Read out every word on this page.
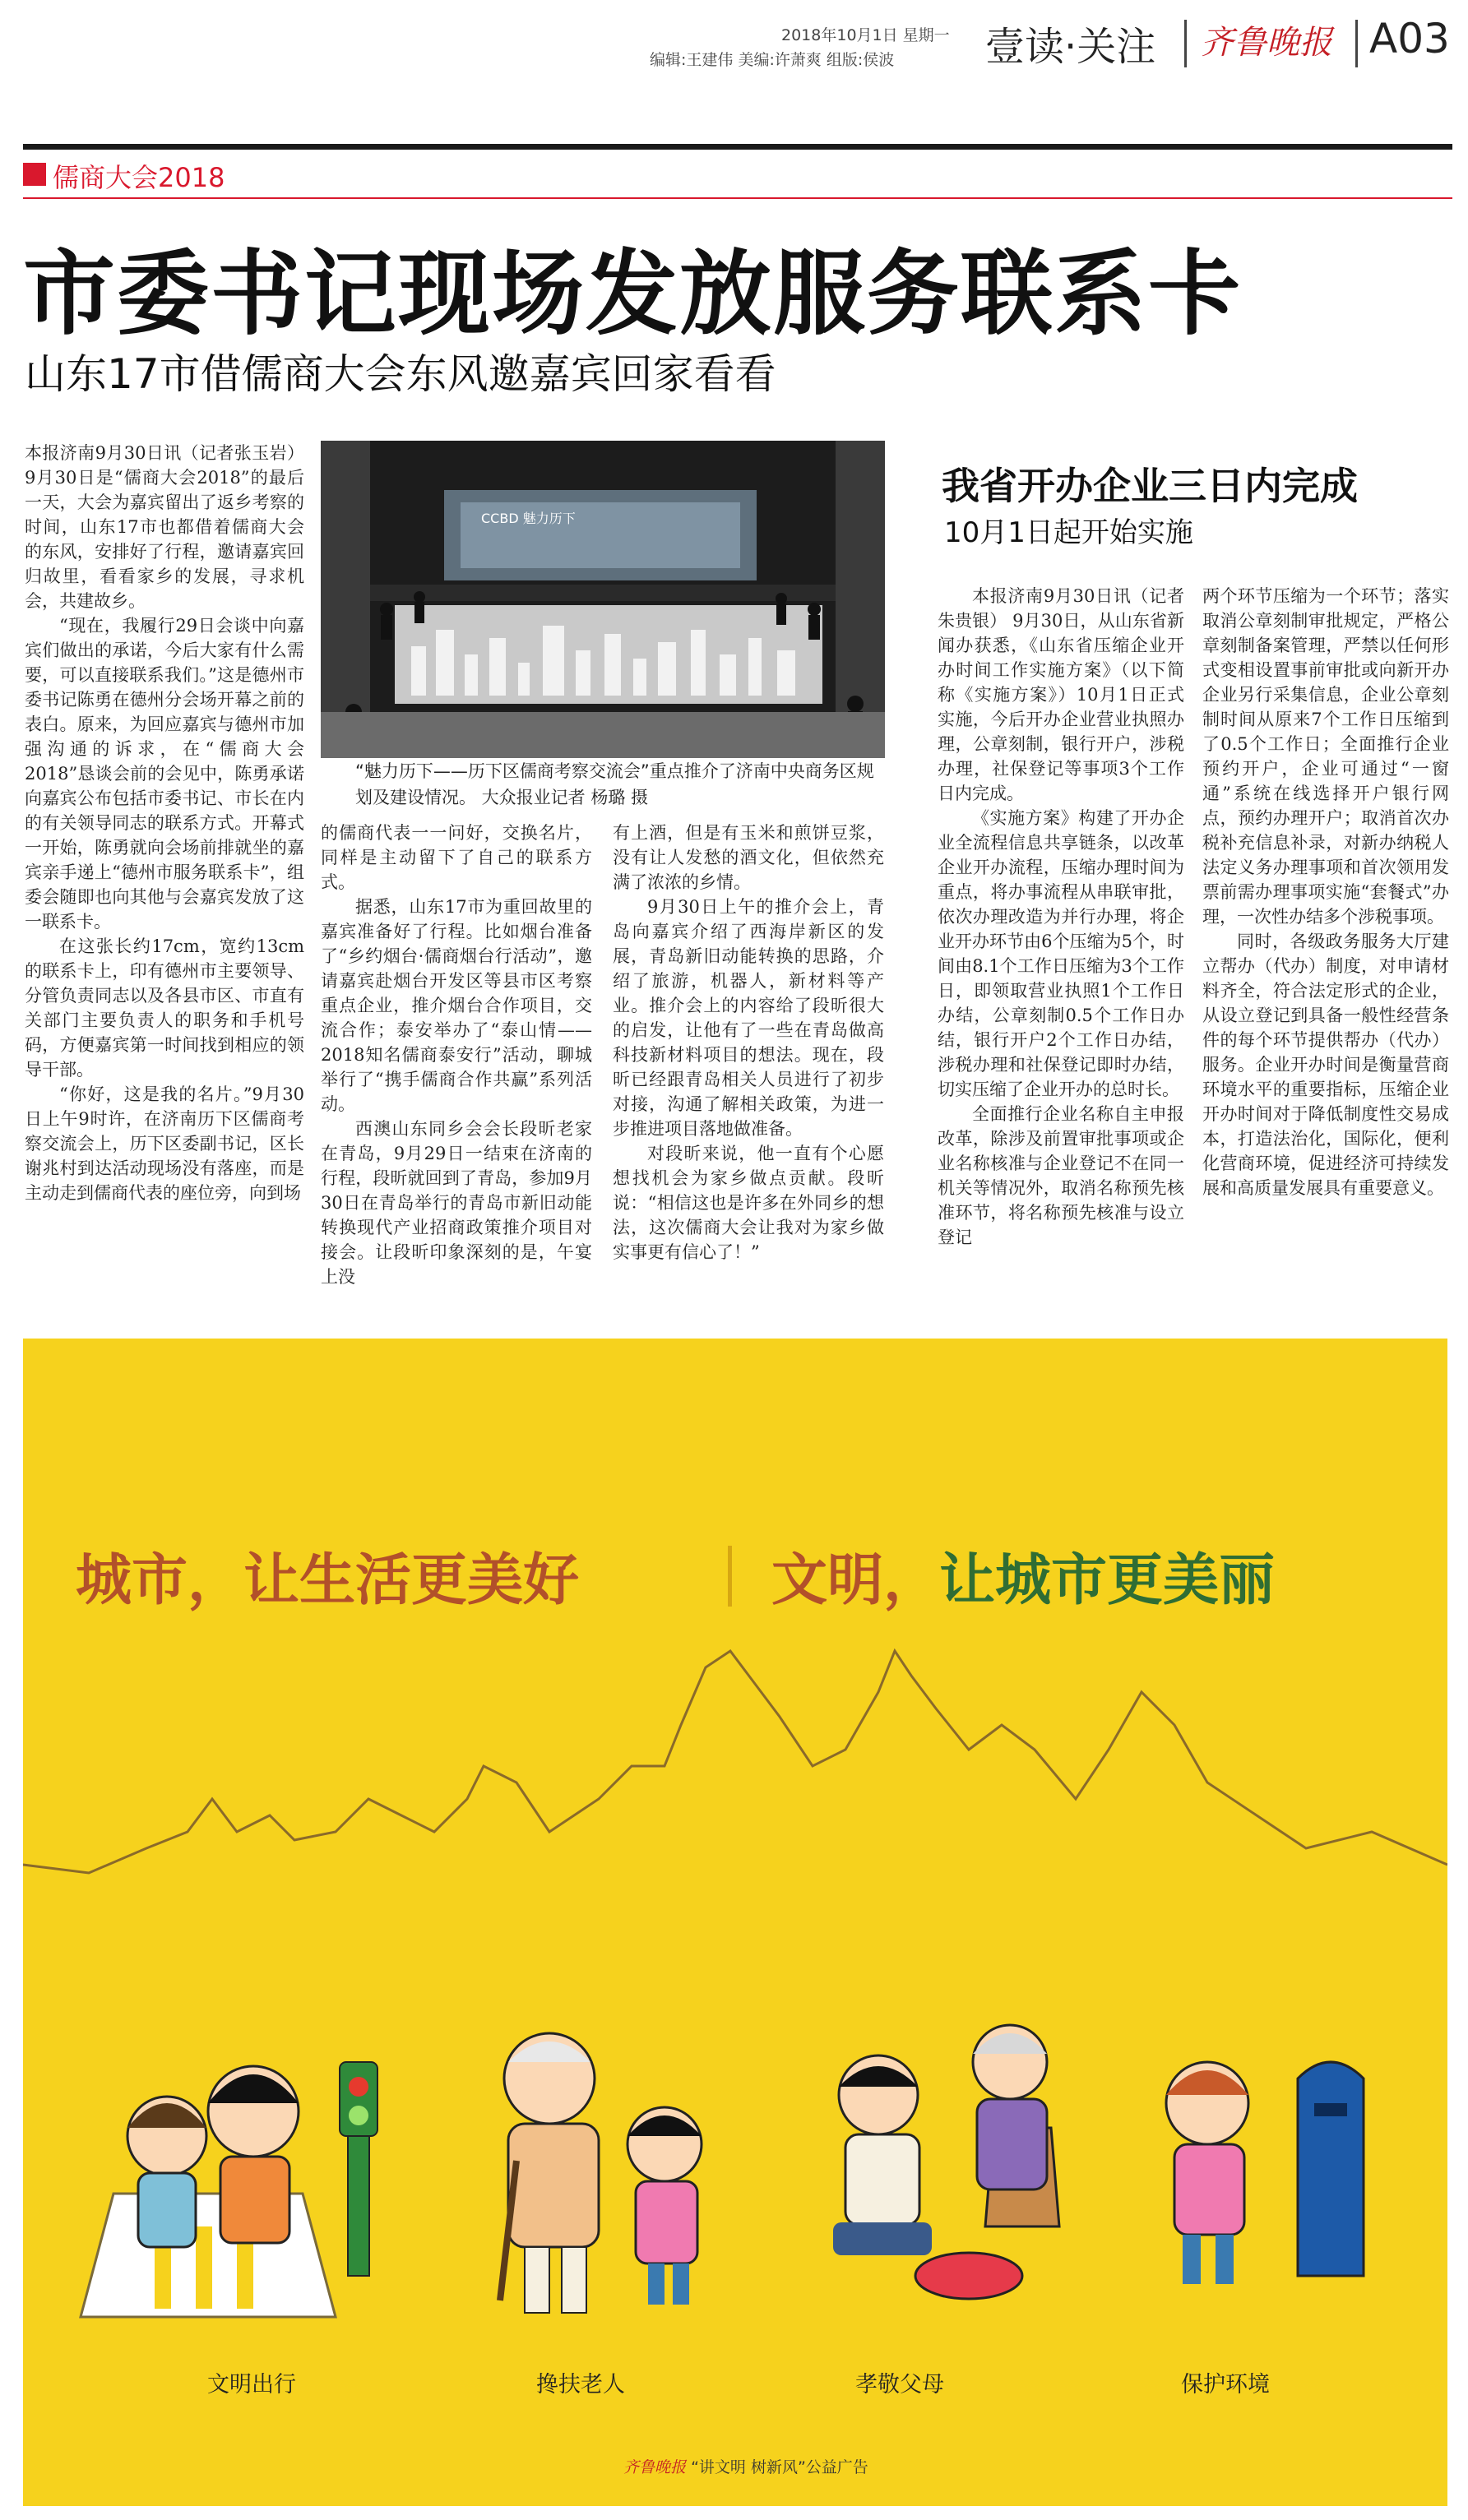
2018年10月1日 星期一
编辑:王建伟 美编:许萧爽 组版:侯波 壹读·关注 齐鲁晚报 A03
儒商大会2018
市委书记现场发放服务联系卡
山东17市借儒商大会东风邀嘉宾回家看看

本报济南9月30日讯（记者张玉岩） 9月30日是“儒商大会2018”的最后一天，大会为嘉宾留出了返乡考察的时间，山东17市也都借着儒商大会的东风，安排好了行程，邀请嘉宾回归故里，看看家乡的发展，寻求机会，共建故乡。

“现在，我履行29日会谈中向嘉宾们做出的承诺，今后大家有什么需要，可以直接联系我们。”这是德州市委书记陈勇在德州分会场开幕之前的表白。原来，为回应嘉宾与德州市加强沟通的诉求，在“儒商大会2018”恳谈会前的会见中，陈勇承诺向嘉宾公布包括市委书记、市长在内的有关领导同志的联系方式。开幕式一开始，陈勇就向会场前排就坐的嘉宾亲手递上“德州市服务联系卡”，组委会随即也向其他与会嘉宾发放了这一联系卡。

在这张长约17cm，宽约13cm的联系卡上，印有德州市主要领导、分管负责同志以及各县市区、市直有关部门主要负责人的职务和手机号码，方便嘉宾第一时间找到相应的领导干部。

“你好，这是我的名片。”9月30日上午9时许，在济南历下区儒商考察交流会上，历下区委副书记，区长谢兆村到达活动现场没有落座，而是主动走到儒商代表的座位旁，向到场

CCBD 魅力历下
“魅力历下——历下区儒商考察交流会”重点推介了济南中央商务区规划及建设情况。 大众报业记者 杨璐 摄

的儒商代表一一问好，交换名片，同样是主动留下了自己的联系方式。

据悉，山东17市为重回故里的嘉宾准备好了行程。比如烟台准备了“乡约烟台·儒商烟台行活动”，邀请嘉宾赴烟台开发区等县市区考察重点企业，推介烟台合作项目，交流合作；泰安举办了“泰山情——2018知名儒商泰安行”活动，聊城举行了“携手儒商合作共赢”系列活动。

西澳山东同乡会会长段昕老家在青岛，9月29日一结束在济南的行程，段昕就回到了青岛，参加9月30日在青岛举行的青岛市新旧动能转换现代产业招商政策推介项目对接会。让段昕印象深刻的是，午宴上没

有上酒，但是有玉米和煎饼豆浆，没有让人发愁的酒文化，但依然充满了浓浓的乡情。

9月30日上午的推介会上，青岛向嘉宾介绍了西海岸新区的发展，青岛新旧动能转换的思路，介绍了旅游，机器人，新材料等产业。推介会上的内容给了段昕很大的启发，让他有了一些在青岛做高科技新材料项目的想法。现在，段昕已经跟青岛相关人员进行了初步对接，沟通了解相关政策，为进一步推进项目落地做准备。

对段昕来说，他一直有个心愿想找机会为家乡做点贡献。段昕说：“相信这也是许多在外同乡的想法，这次儒商大会让我对为家乡做实事更有信心了！”

我省开办企业三日内完成
10月1日起开始实施

本报济南9月30日讯（记者 朱贵银） 9月30日，从山东省新闻办获悉，《山东省压缩企业开办时间工作实施方案》（以下简称《实施方案》）10月1日正式实施，今后开办企业营业执照办理，公章刻制，银行开户，涉税办理，社保登记等事项3个工作日内完成。

《实施方案》构建了开办企业全流程信息共享链条，以改革企业开办流程，压缩办理时间为重点，将办事流程从串联审批，依次办理改造为并行办理，将企业开办环节由6个压缩为5个，时间由8.1个工作日压缩为3个工作日，即领取营业执照1个工作日办结，公章刻制0.5个工作日办结，银行开户2个工作日办结，涉税办理和社保登记即时办结，切实压缩了企业开办的总时长。

全面推行企业名称自主申报改革，除涉及前置审批事项或企业名称核准与企业登记不在同一机关等情况外，取消名称预先核准环节，将名称预先核准与设立登记

两个环节压缩为一个环节；落实取消公章刻制审批规定，严格公章刻制备案管理，严禁以任何形式变相设置事前审批或向新开办企业另行采集信息，企业公章刻制时间从原来7个工作日压缩到了0.5个工作日；全面推行企业预约开户，企业可通过“一窗通”系统在线选择开户银行网点，预约办理开户；取消首次办税补充信息补录，对新办纳税人法定义务办理事项和首次领用发票前需办理事项实施“套餐式”办理，一次性办结多个涉税事项。

同时，各级政务服务大厅建立帮办（代办）制度，对申请材料齐全，符合法定形式的企业，从设立登记到具备一般性经营条件的每个环节提供帮办（代办）服务。企业开办时间是衡量营商环境水平的重要指标，压缩企业开办时间对于降低制度性交易成本，打造法治化，国际化，便利化营商环境，促进经济可持续发展和高质量发展具有重要意义。

城市，让生活更美好	文明，让城市更美丽
文明出行	搀扶老人	孝敬父母	保护环境
齐鲁晚报 “讲文明 树新风”公益广告
